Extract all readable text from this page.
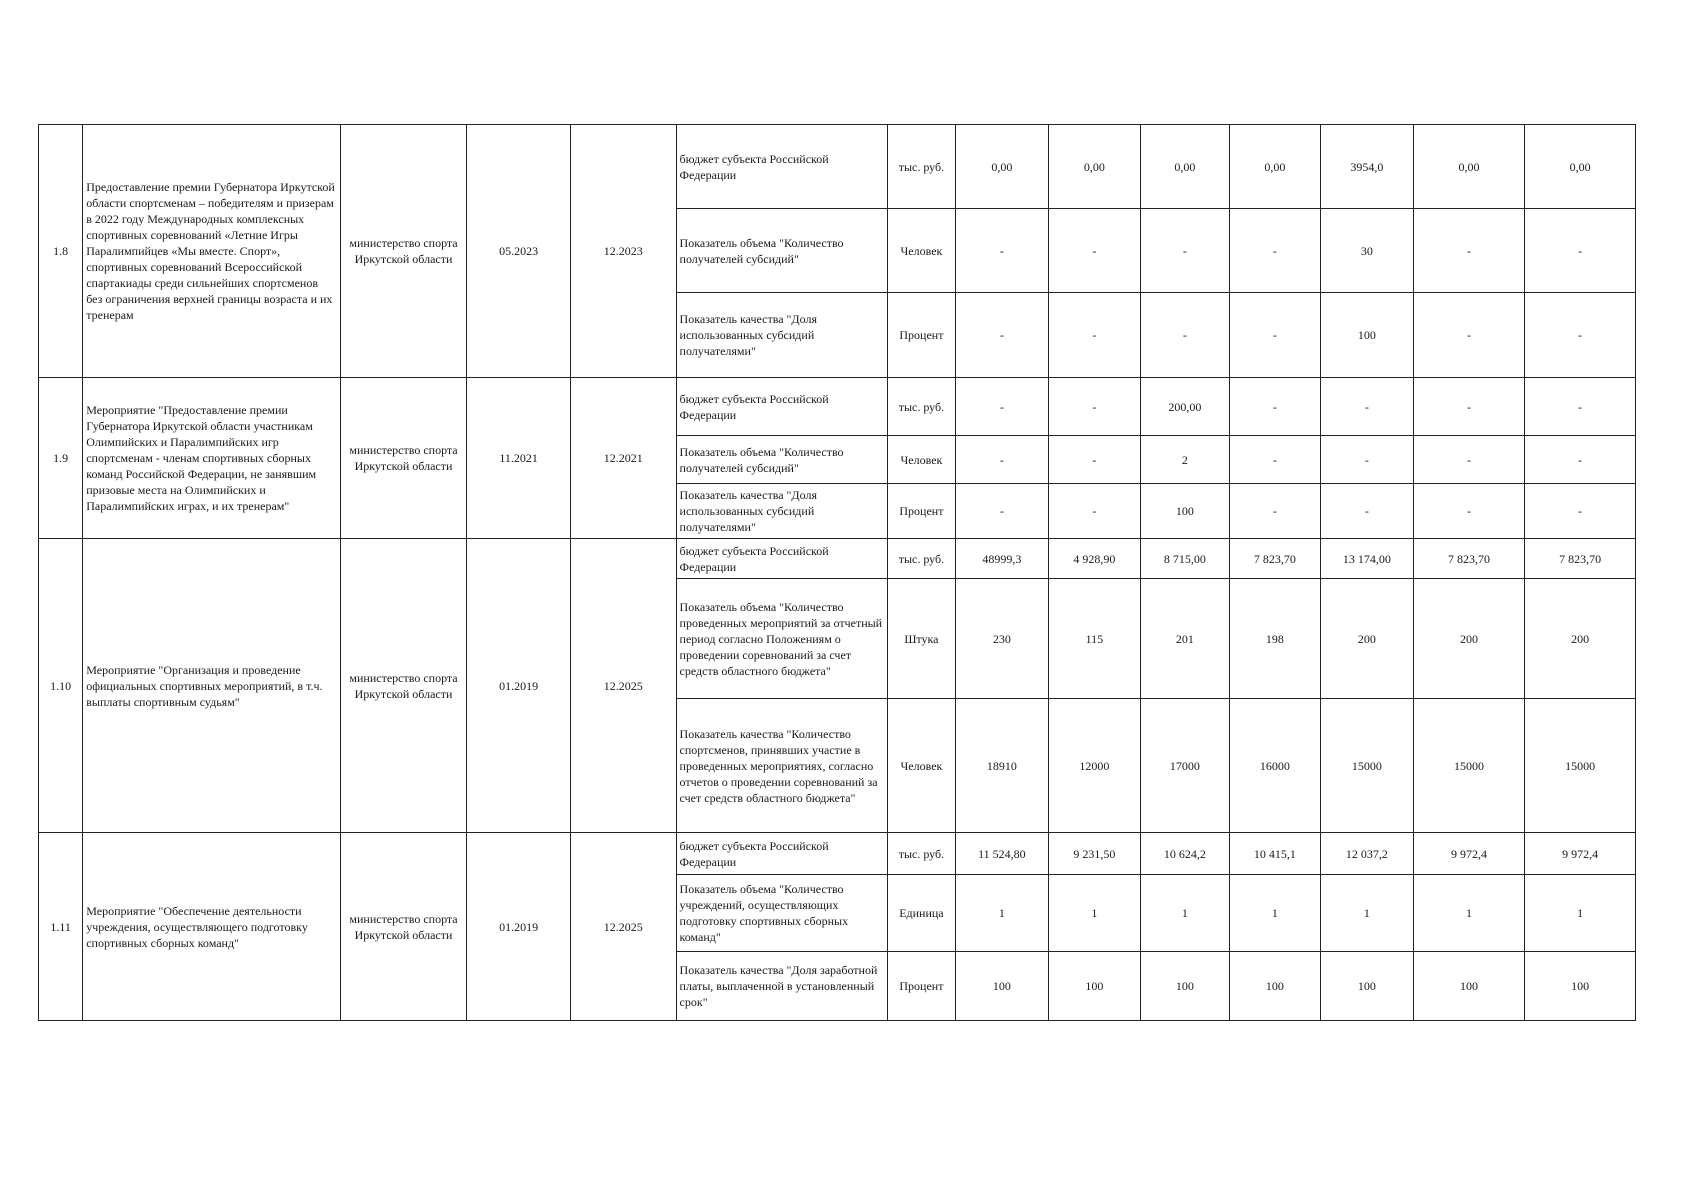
1.8	Предоставление премии Губернатора Иркутской области спортсменам – победителям и призерам в 2022 году Международных комплексных спортивных соревнований «Летние Игры Паралимпийцев «Мы вместе. Спорт», спортивных соревнований Всероссийской спартакиады среди сильнейших спортсменов без ограничения верхней границы возраста и их тренерам	министерство спорта Иркутской области	05.2023	12.2023	бюджет субъекта Российской Федерации	тыс. руб.	0,00	0,00	0,00	0,00	3954,0	0,00	0,00
					Показатель объема "Количество получателей субсидий"	Человек	-	-	-	-	30	-	-
					Показатель качества "Доля использованных субсидий получателями"	Процент	-	-	-	-	100	-	-
1.9	Мероприятие "Предоставление премии Губернатора Иркутской области участникам Олимпийских и Паралимпийских игр спортсменам - членам спортивных сборных команд Российской Федерации, не занявшим призовые места на Олимпийских и Паралимпийских играх, и их тренерам"	министерство спорта Иркутской области	11.2021	12.2021	бюджет субъекта Российской Федерации	тыс. руб.	-	-	200,00	-	-	-	-
					Показатель объема "Количество получателей субсидий"	Человек	-	-	2	-	-	-	-
					Показатель качества "Доля использованных субсидий получателями"	Процент	-	-	100	-	-	-	-
1.10	Мероприятие "Организация и проведение официальных спортивных мероприятий, в т.ч. выплаты спортивным судьям"	министерство спорта Иркутской области	01.2019	12.2025	бюджет субъекта Российской Федерации	тыс. руб.	48999,3	4 928,90	8 715,00	7 823,70	13 174,00	7 823,70	7 823,70
					Показатель объема "Количество проведенных мероприятий за отчетный период согласно Положениям о проведении соревнований за счет средств областного бюджета"	Штука	230	115	201	198	200	200	200
					Показатель качества "Количество спортсменов, принявших участие в проведенных мероприятиях, согласно отчетов о проведении соревнований за счет средств областного бюджета"	Человек	18910	12000	17000	16000	15000	15000	15000
1.11	Мероприятие "Обеспечение деятельности учреждения, осуществляющего подготовку спортивных сборных команд"	министерство спорта Иркутской области	01.2019	12.2025	бюджет субъекта Российской Федерации	тыс. руб.	11 524,80	9 231,50	10 624,2	10 415,1	12 037,2	9 972,4	9 972,4
					Показатель объема "Количество учреждений, осуществляющих подготовку спортивных сборных команд"	Единица	1	1	1	1	1	1	1
					Показатель качества "Доля заработной платы, выплаченной в установленный срок"	Процент	100	100	100	100	100	100	100
